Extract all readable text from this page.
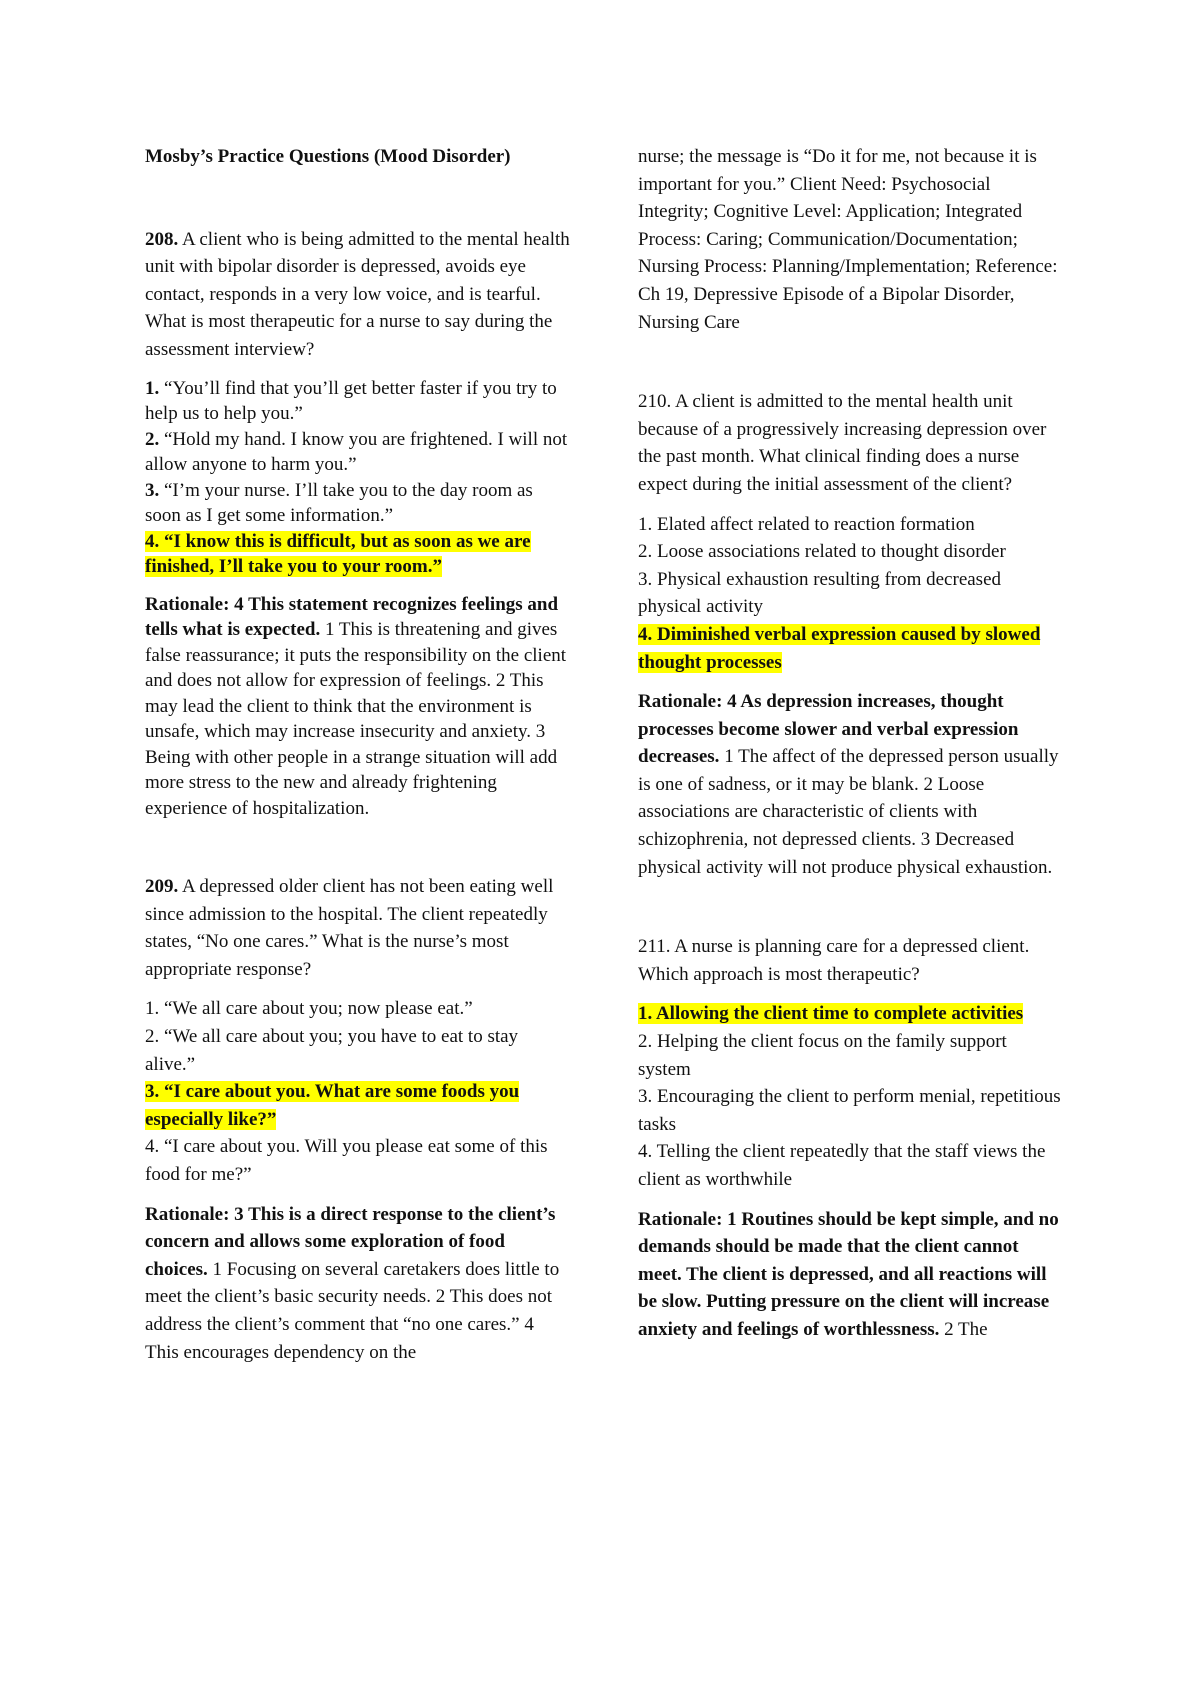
Mosby’s Practice Questions (Mood Disorder)

208. A client who is being admitted to the mental health unit with bipolar disorder is depressed, avoids eye contact, responds in a very low voice, and is tearful. What is most therapeutic for a nurse to say during the assessment interview?

1. “You’ll find that you’ll get better faster if you try to help us to help you.”
2. “Hold my hand. I know you are frightened. I will not allow anyone to harm you.”
3. “I’m your nurse. I’ll take you to the day room as soon as I get some information.”
4. “I know this is difficult, but as soon as we are finished, I’ll take you to your room.”

Rationale: 4 This statement recognizes feelings and tells what is expected. 1 This is threatening and gives false reassurance; it puts the responsibility on the client and does not allow for expression of feelings. 2 This may lead the client to think that the environment is unsafe, which may increase insecurity and anxiety. 3 Being with other people in a strange situation will add more stress to the new and already frightening experience of hospitalization.

209. A depressed older client has not been eating well since admission to the hospital. The client repeatedly states, “No one cares.” What is the nurse’s most appropriate response?

1. “We all care about you; now please eat.”
2. “We all care about you; you have to eat to stay alive.”
3. “I care about you. What are some foods you especially like?”
4. “I care about you. Will you please eat some of this food for me?”

Rationale: 3 This is a direct response to the client’s concern and allows some exploration of food choices. 1 Focusing on several caretakers does little to meet the client’s basic security needs. 2 This does not address the client’s comment that “no one cares.” 4 This encourages dependency on the

nurse; the message is “Do it for me, not because it is important for you.” Client Need: Psychosocial Integrity; Cognitive Level: Application; Integrated Process: Caring; Communication/Documentation; Nursing Process: Planning/Implementation; Reference: Ch 19, Depressive Episode of a Bipolar Disorder, Nursing Care

210. A client is admitted to the mental health unit because of a progressively increasing depression over the past month. What clinical finding does a nurse expect during the initial assessment of the client?

1. Elated affect related to reaction formation
2. Loose associations related to thought disorder
3. Physical exhaustion resulting from decreased physical activity
4. Diminished verbal expression caused by slowed thought processes

Rationale: 4 As depression increases, thought processes become slower and verbal expression decreases. 1 The affect of the depressed person usually is one of sadness, or it may be blank. 2 Loose associations are characteristic of clients with schizophrenia, not depressed clients. 3 Decreased physical activity will not produce physical exhaustion.

211. A nurse is planning care for a depressed client. Which approach is most therapeutic?

1. Allowing the client time to complete activities
2. Helping the client focus on the family support system
3. Encouraging the client to perform menial, repetitious tasks
4. Telling the client repeatedly that the staff views the client as worthwhile

Rationale: 1 Routines should be kept simple, and no demands should be made that the client cannot meet. The client is depressed, and all reactions will be slow. Putting pressure on the client will increase anxiety and feelings of worthlessness. 2 The
